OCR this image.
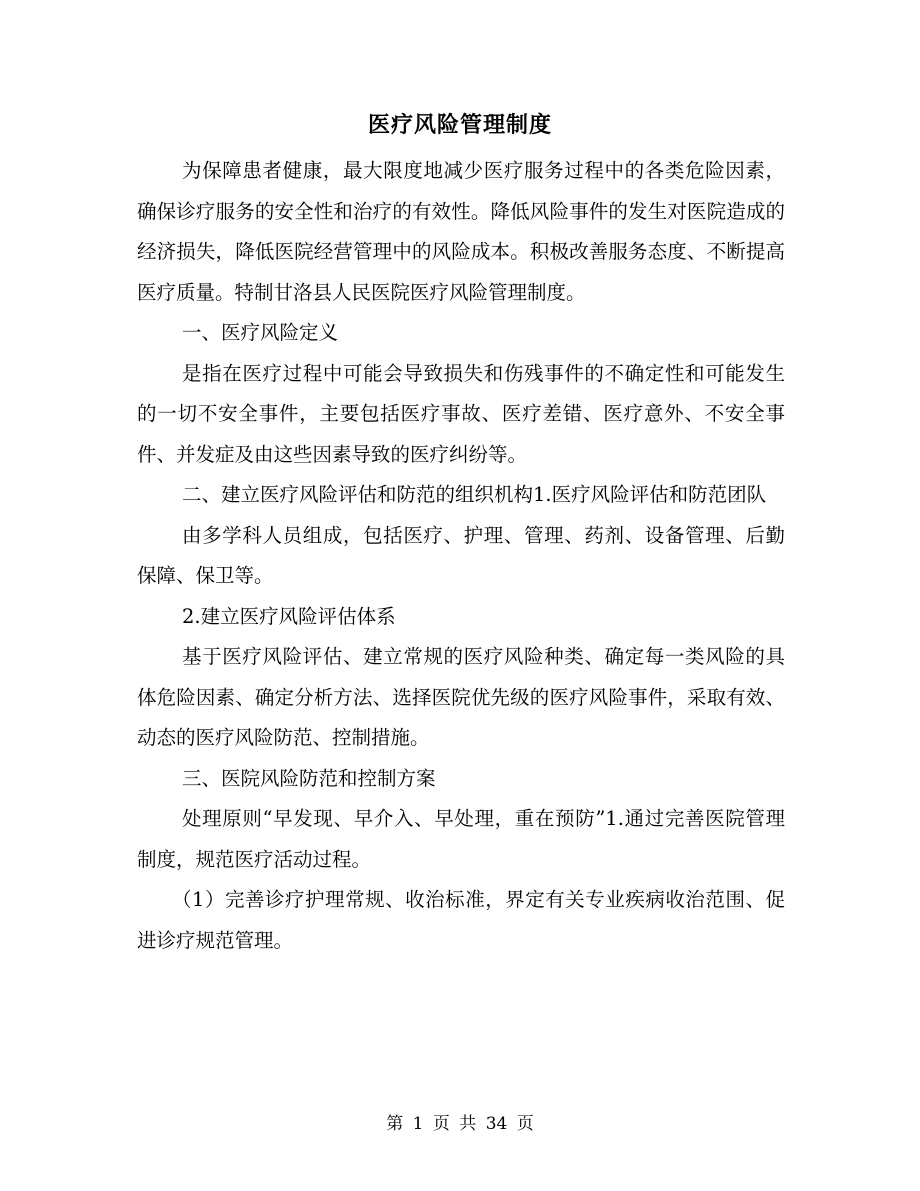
医疗风险管理制度

为保障患者健康，最大限度地减少医疗服务过程中的各类危险因素，确保诊疗服务的安全性和治疗的有效性。降低风险事件的发生对医院造成的经济损失，降低医院经营管理中的风险成本。积极改善服务态度、不断提高医疗质量。特制甘洛县人民医院医疗风险管理制度。

一、医疗风险定义

是指在医疗过程中可能会导致损失和伤残事件的不确定性和可能发生的一切不安全事件，主要包括医疗事故、医疗差错、医疗意外、不安全事件、并发症及由这些因素导致的医疗纠纷等。

二、建立医疗风险评估和防范的组织机构1.医疗风险评估和防范团队

由多学科人员组成，包括医疗、护理、管理、药剂、设备管理、后勤保障、保卫等。

2.建立医疗风险评估体系

基于医疗风险评估、建立常规的医疗风险种类、确定每一类风险的具体危险因素、确定分析方法、选择医院优先级的医疗风险事件，采取有效、动态的医疗风险防范、控制措施。

三、医院风险防范和控制方案

处理原则“早发现、早介入、早处理，重在预防”1.通过完善医院管理制度，规范医疗活动过程。

（1）完善诊疗护理常规、收治标准，界定有关专业疾病收治范围、促进诊疗规范管理。

第 1 页 共 34 页
